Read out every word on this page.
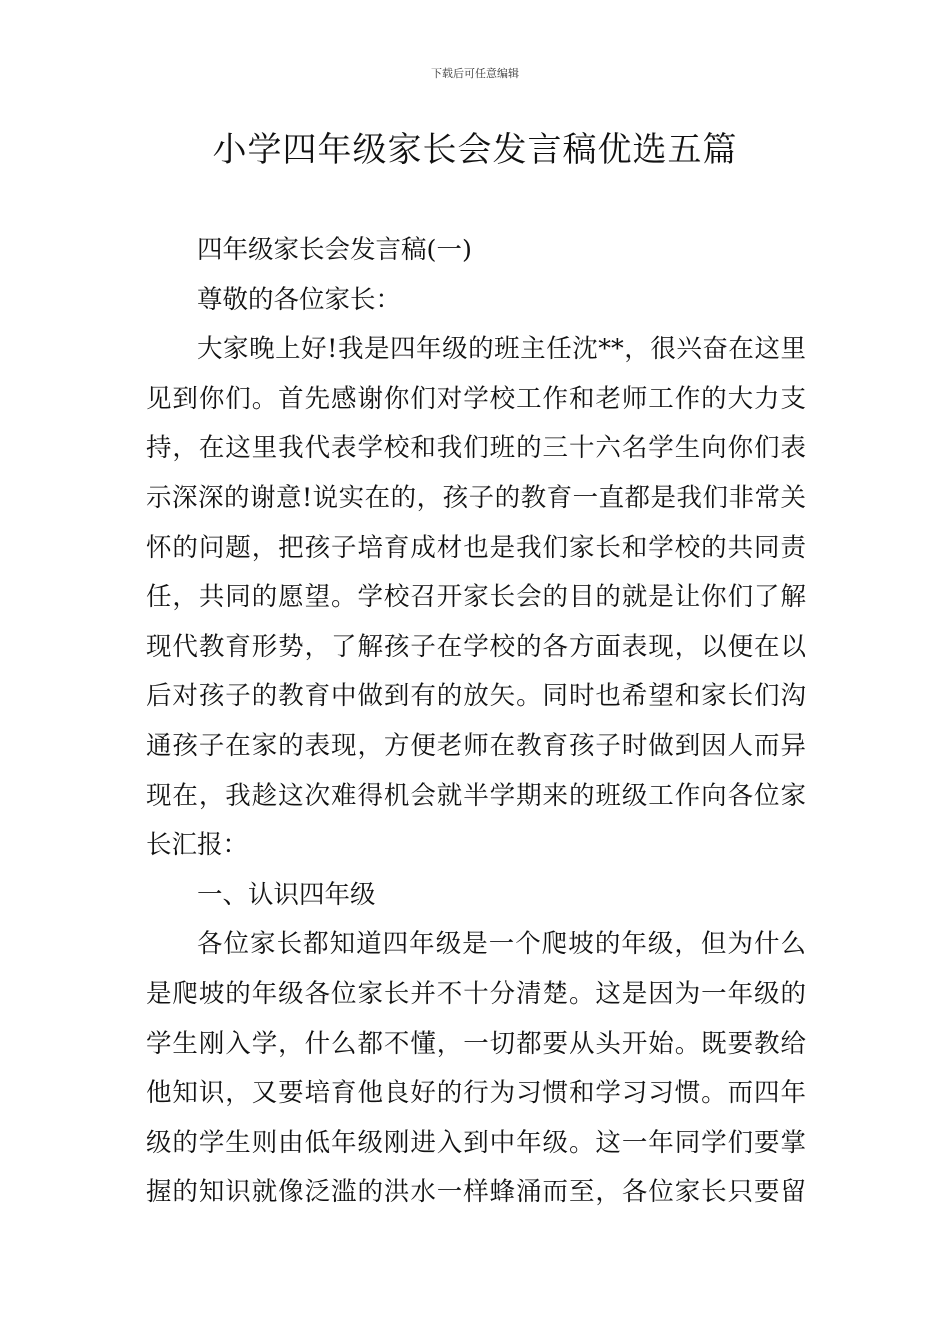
下载后可任意编辑
小学四年级家长会发言稿优选五篇
四年级家长会发言稿(一)
尊敬的各位家长：
大家晚上好!我是四年级的班主任沈**，很兴奋在这里
见到你们。首先感谢你们对学校工作和老师工作的大力支
持，在这里我代表学校和我们班的三十六名学生向你们表
示深深的谢意!说实在的，孩子的教育一直都是我们非常关
怀的问题，把孩子培育成材也是我们家长和学校的共同责
任，共同的愿望。学校召开家长会的目的就是让你们了解
现代教育形势，了解孩子在学校的各方面表现，以便在以
后对孩子的教育中做到有的放矢。同时也希望和家长们沟
通孩子在家的表现，方便老师在教育孩子时做到因人而异
现在，我趁这次难得机会就半学期来的班级工作向各位家
长汇报：
一、认识四年级
各位家长都知道四年级是一个爬坡的年级，但为什么
是爬坡的年级各位家长并不十分清楚。这是因为一年级的
学生刚入学，什么都不懂，一切都要从头开始。既要教给
他知识，又要培育他良好的行为习惯和学习习惯。而四年
级的学生则由低年级刚进入到中年级。这一年同学们要掌
握的知识就像泛滥的洪水一样蜂涌而至，各位家长只要留
